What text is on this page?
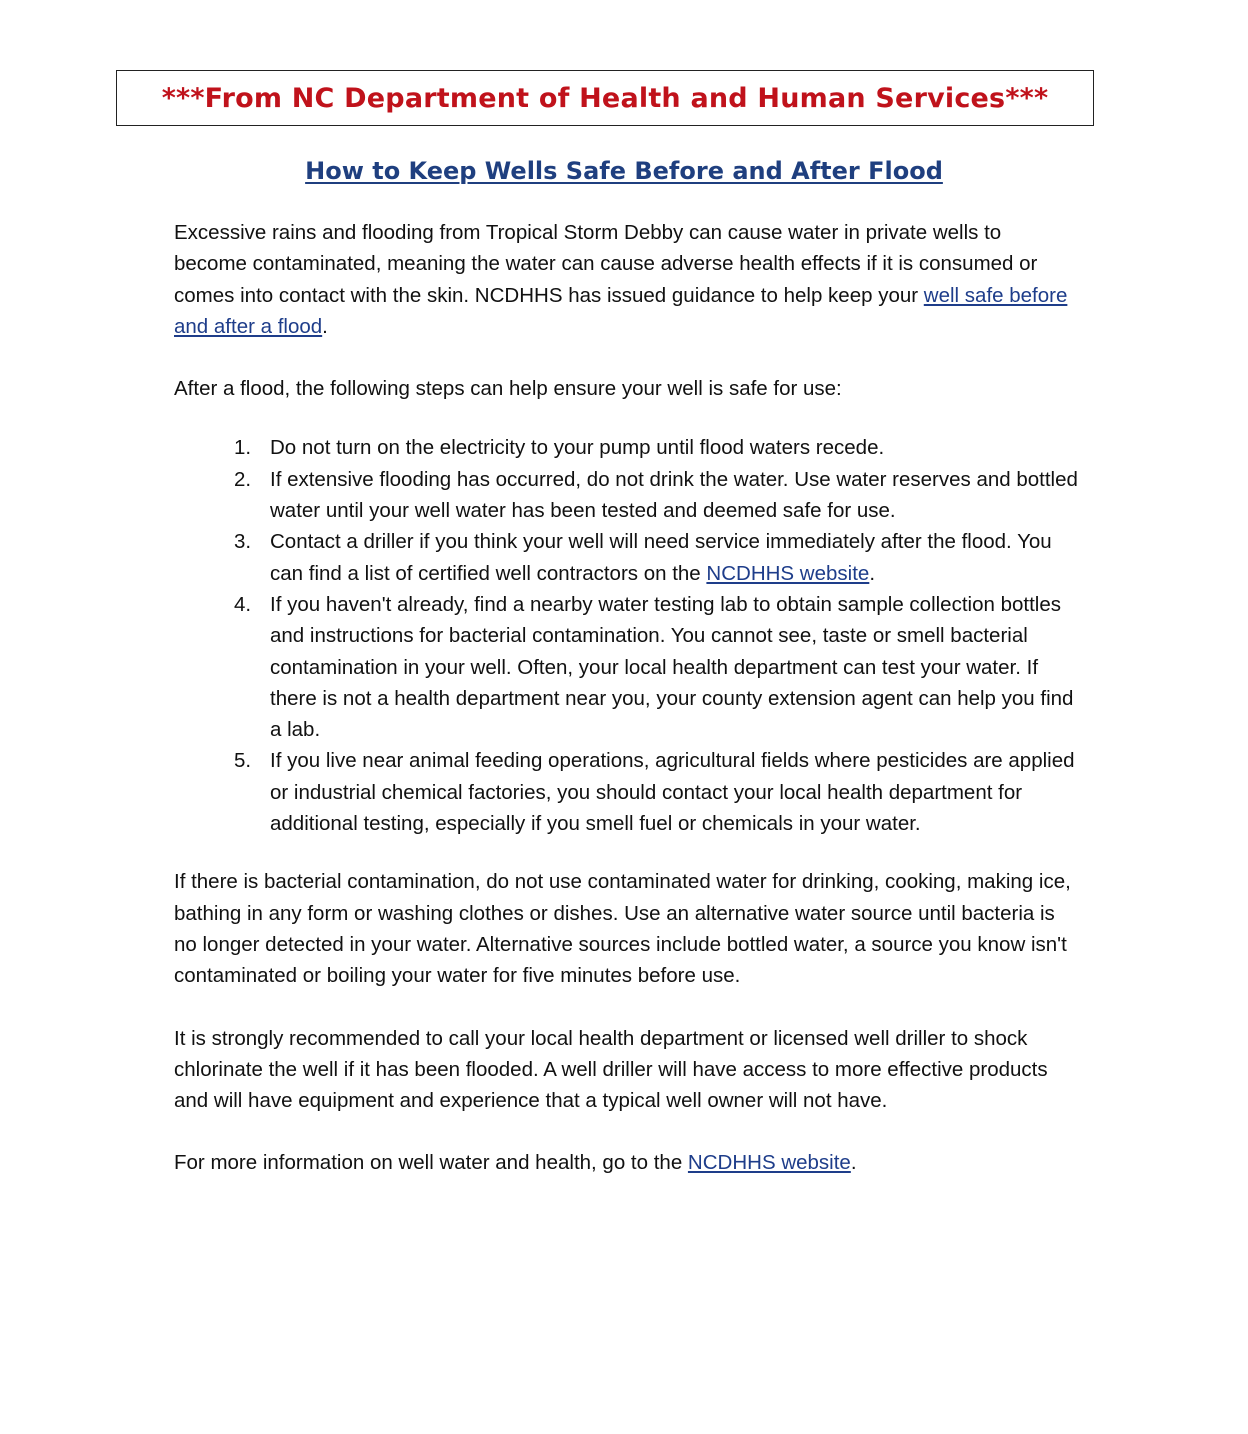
***From NC Department of Health and Human Services***
How to Keep Wells Safe Before and After Flood

Excessive rains and flooding from Tropical Storm Debby can cause water in private wells to become contaminated, meaning the water can cause adverse health effects if it is consumed or comes into contact with the skin. NCDHHS has issued guidance to help keep your well safe before and after a flood.

After a flood, the following steps can help ensure your well is safe for use:

1. Do not turn on the electricity to your pump until flood waters recede.
2. If extensive flooding has occurred, do not drink the water. Use water reserves and bottled water until your well water has been tested and deemed safe for use.
3. Contact a driller if you think your well will need service immediately after the flood. You can find a list of certified well contractors on the NCDHHS website.
4. If you haven't already, find a nearby water testing lab to obtain sample collection bottles and instructions for bacterial contamination. You cannot see, taste or smell bacterial contamination in your well. Often, your local health department can test your water. If there is not a health department near you, your county extension agent can help you find a lab.
5. If you live near animal feeding operations, agricultural fields where pesticides are applied or industrial chemical factories, you should contact your local health department for additional testing, especially if you smell fuel or chemicals in your water.

If there is bacterial contamination, do not use contaminated water for drinking, cooking, making ice, bathing in any form or washing clothes or dishes. Use an alternative water source until bacteria is no longer detected in your water. Alternative sources include bottled water, a source you know isn't contaminated or boiling your water for five minutes before use.

It is strongly recommended to call your local health department or licensed well driller to shock chlorinate the well if it has been flooded. A well driller will have access to more effective products and will have equipment and experience that a typical well owner will not have.

For more information on well water and health, go to the NCDHHS website.
